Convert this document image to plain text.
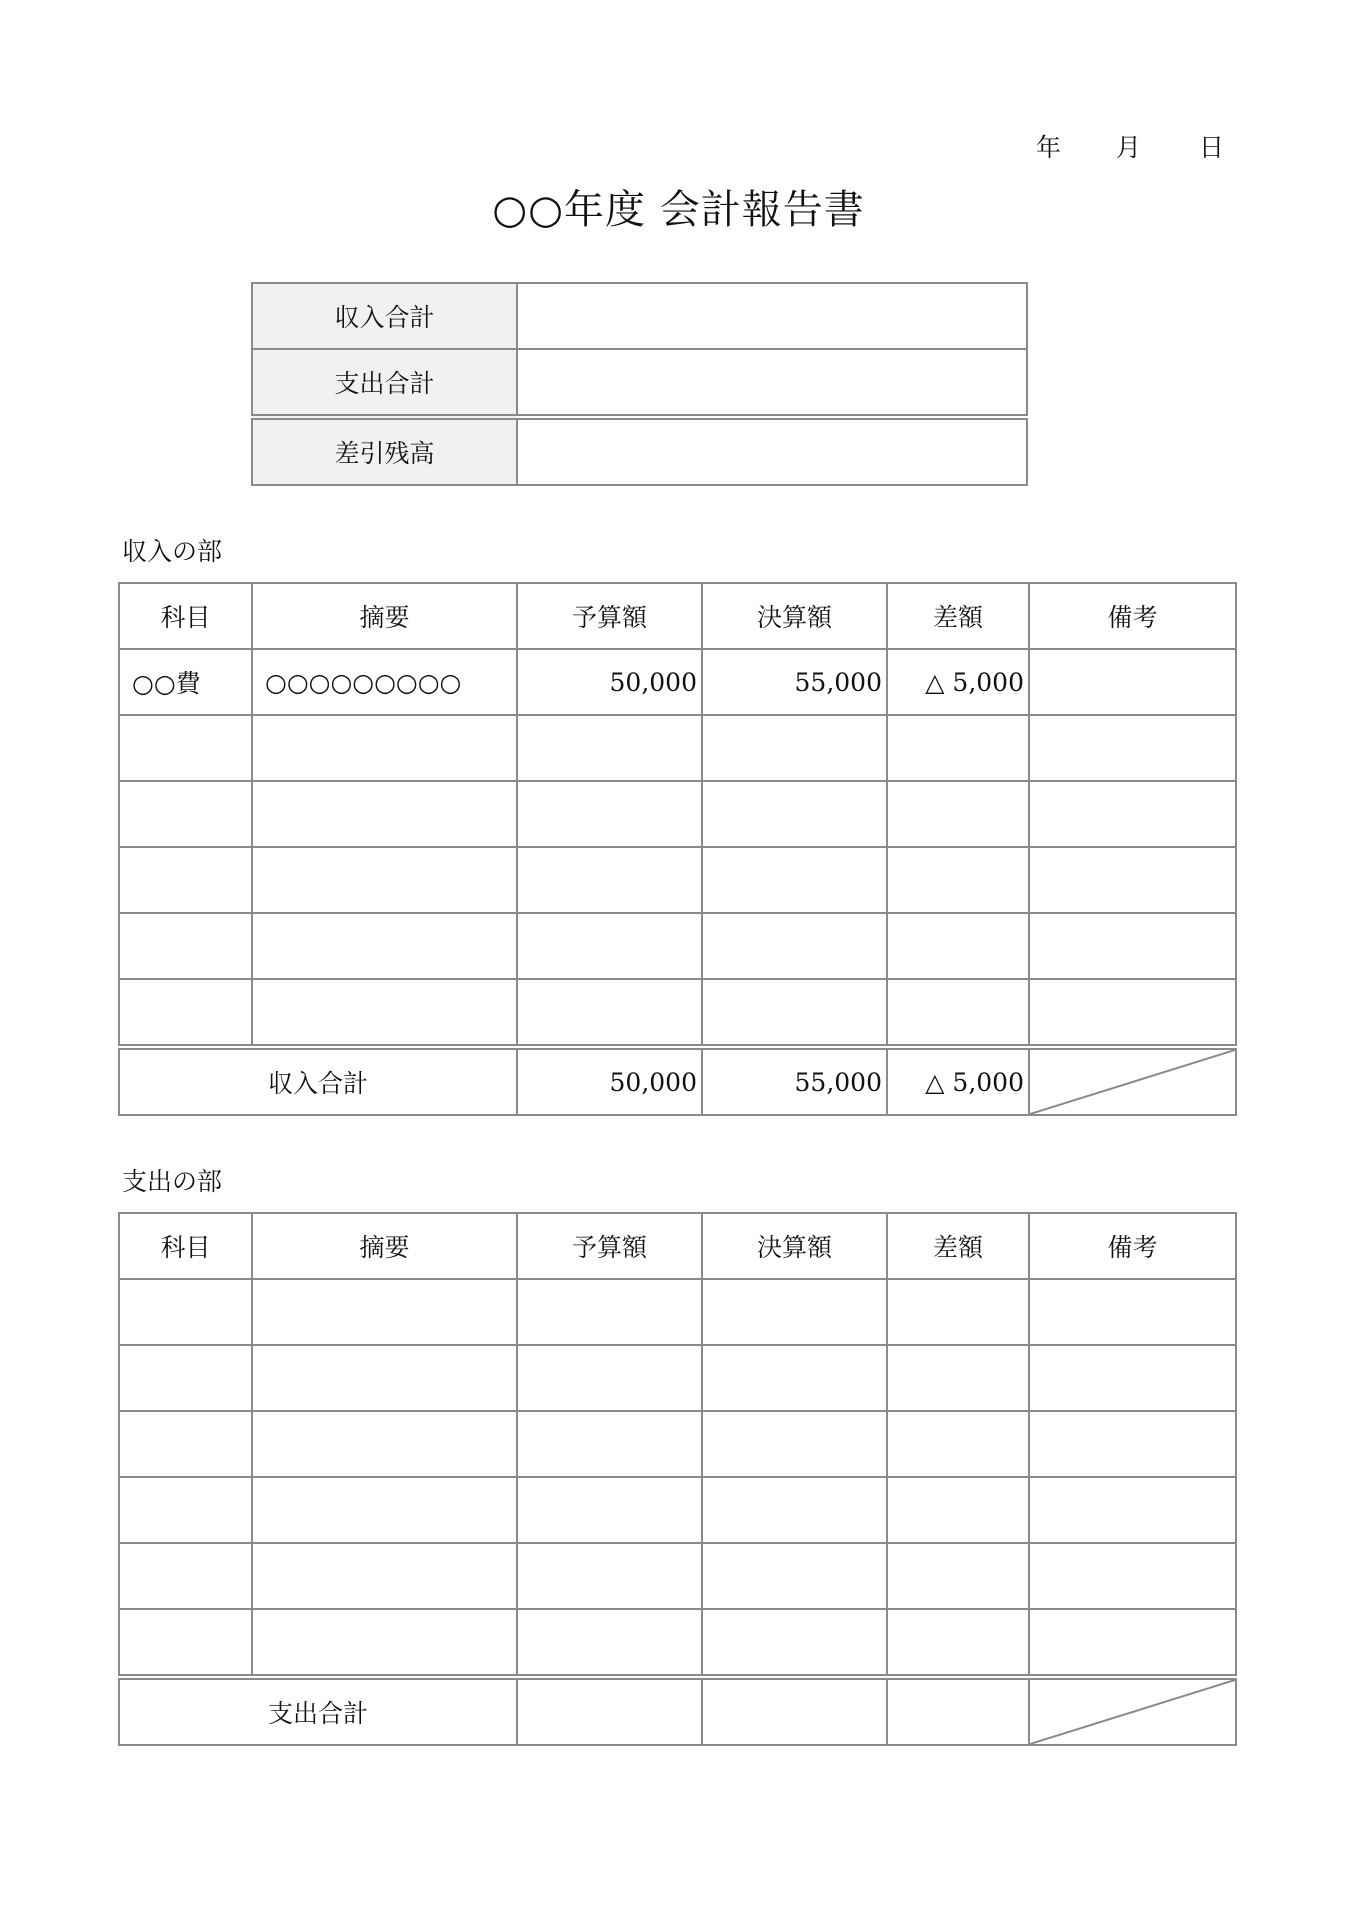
年 月 日
○○年度 会計報告書
収入合計	
支出合計	
差引残高	
収入の部
科目	摘要	予算額	決算額	差額	備考
○○費	○○○○○○○○○	50,000	55,000	△ 5,000	

収入合計		50,000	55,000	△ 5,000	
支出の部
科目	摘要	予算額	決算額	差額	備考

支出合計				
